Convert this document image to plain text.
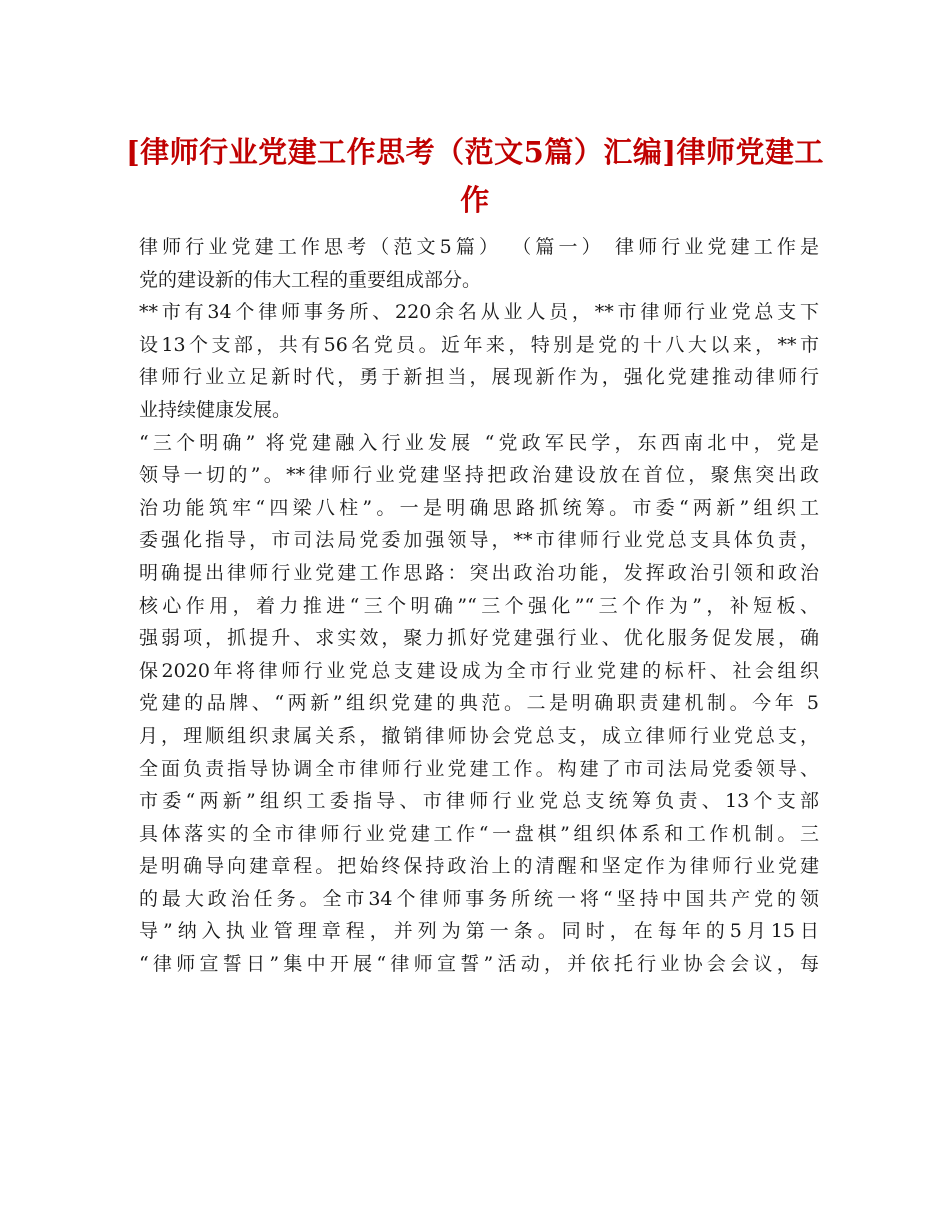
[律师行业党建工作思考（范文5篇）汇编]律师党建工作
律师行业党建工作思考（范文5篇） （篇一） 律师行业党建工作是
党的建设新的伟大工程的重要组成部分。
**市有34个律师事务所、220余名从业人员，**市律师行业党总支下
设13个支部，共有56名党员。近年来，特别是党的十八大以来，**市
律师行业立足新时代，勇于新担当，展现新作为，强化党建推动律师行
业持续健康发展。
“三个明确” 将党建融入行业发展 “党政军民学，东西南北中，党是
领导一切的”。**律师行业党建坚持把政治建设放在首位，聚焦突出政
治功能筑牢“四梁八柱”。一是明确思路抓统筹。市委“两新”组织工
委强化指导，市司法局党委加强领导，**市律师行业党总支具体负责，
明确提出律师行业党建工作思路：突出政治功能，发挥政治引领和政治
核心作用，着力推进“三个明确”“三个强化”“三个作为”，补短板、
强弱项，抓提升、求实效，聚力抓好党建强行业、优化服务促发展，确
保2020年将律师行业党总支建设成为全市行业党建的标杆、社会组织
党建的品牌、“两新”组织党建的典范。二是明确职责建机制。今年 5
月，理顺组织隶属关系，撤销律师协会党总支，成立律师行业党总支，
全面负责指导协调全市律师行业党建工作。构建了市司法局党委领导、
市委“两新”组织工委指导、市律师行业党总支统筹负责、13个支部
具体落实的全市律师行业党建工作“一盘棋”组织体系和工作机制。三
是明确导向建章程。把始终保持政治上的清醒和坚定作为律师行业党建
的最大政治任务。全市34个律师事务所统一将“坚持中国共产党的领
导”纳入执业管理章程，并列为第一条。同时，在每年的5月15日
“律师宣誓日”集中开展“律师宣誓”活动，并依托行业协会会议，每
